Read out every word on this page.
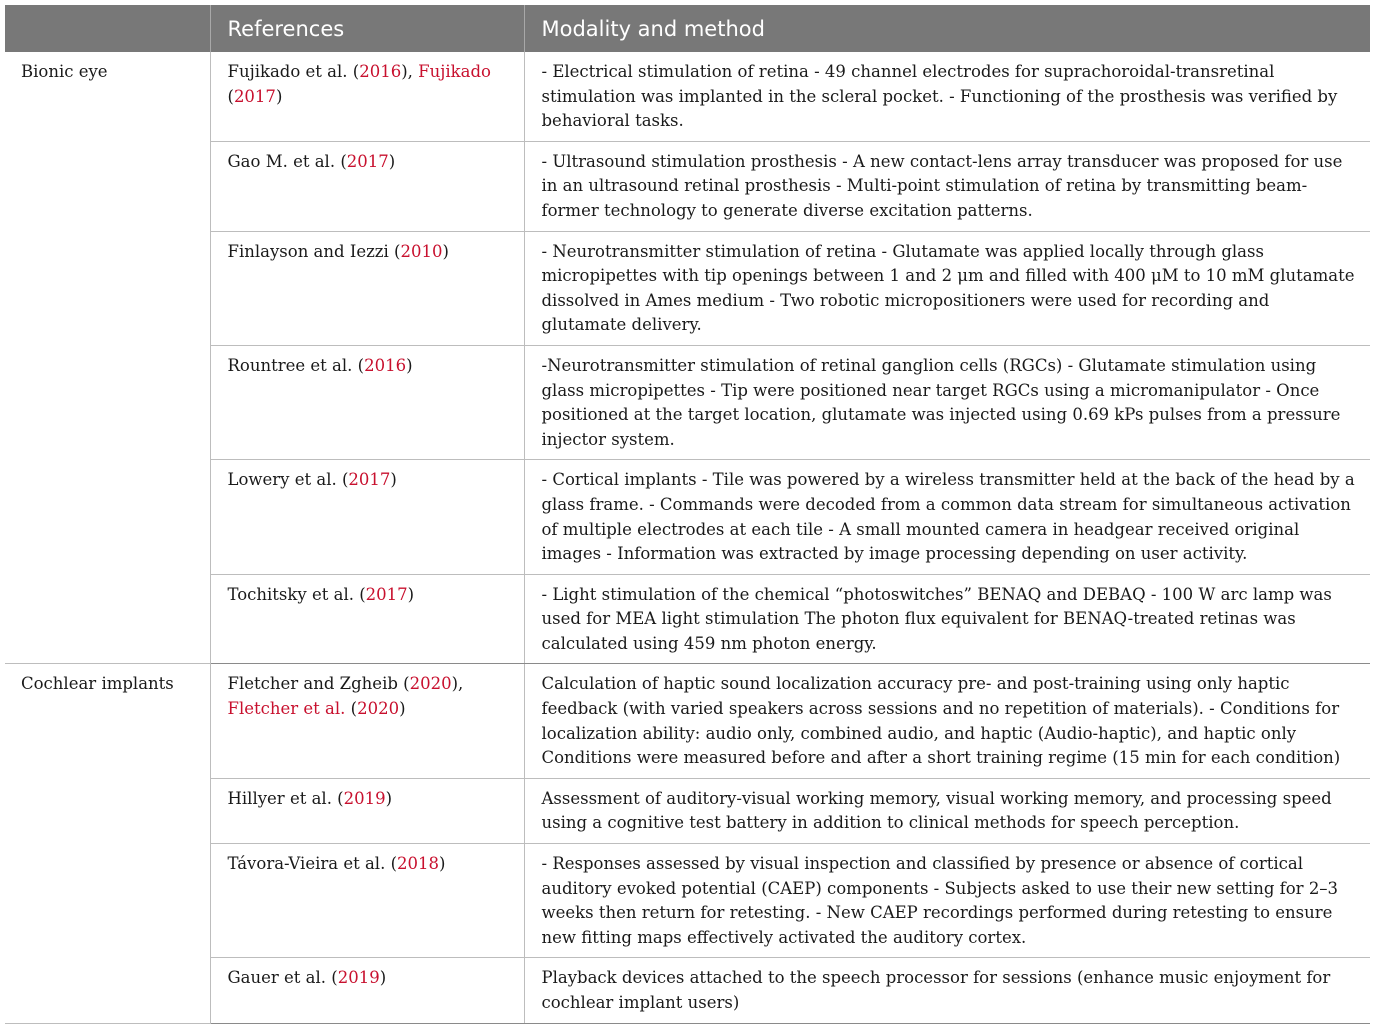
	References	Modality and method
Bionic eye	Fujikado et al. (2016), Fujikado (2017)	- Electrical stimulation of retina - 49 channel electrodes for suprachoroidal-transretinal stimulation was implanted in the scleral pocket. - Functioning of the prosthesis was verified by behavioral tasks.
	Gao M. et al. (2017)	- Ultrasound stimulation prosthesis - A new contact-lens array transducer was proposed for use in an ultrasound retinal prosthesis - Multi-point stimulation of retina by transmitting beam- former technology to generate diverse excitation patterns.
	Finlayson and Iezzi (2010)	- Neurotransmitter stimulation of retina - Glutamate was applied locally through glass micropipettes with tip openings between 1 and 2 μm and filled with 400 μM to 10 mM glutamate dissolved in Ames medium - Two robotic micropositioners were used for recording and glutamate delivery.
	Rountree et al. (2016)	-Neurotransmitter stimulation of retinal ganglion cells (RGCs) - Glutamate stimulation using glass micropipettes - Tip were positioned near target RGCs using a micromanipulator - Once positioned at the target location, glutamate was injected using 0.69 kPs pulses from a pressure injector system.
	Lowery et al. (2017)	- Cortical implants - Tile was powered by a wireless transmitter held at the back of the head by a glass frame. - Commands were decoded from a common data stream for simultaneous activation of multiple electrodes at each tile - A small mounted camera in headgear received original images - Information was extracted by image processing depending on user activity.
	Tochitsky et al. (2017)	- Light stimulation of the chemical “photoswitches” BENAQ and DEBAQ - 100 W arc lamp was used for MEA light stimulation The photon flux equivalent for BENAQ-treated retinas was calculated using 459 nm photon energy.
Cochlear implants	Fletcher and Zgheib (2020), Fletcher et al. (2020)	Calculation of haptic sound localization accuracy pre- and post-training using only haptic feedback (with varied speakers across sessions and no repetition of materials). - Conditions for localization ability: audio only, combined audio, and haptic (Audio-haptic), and haptic only Conditions were measured before and after a short training regime (15 min for each condition)
	Hillyer et al. (2019)	Assessment of auditory-visual working memory, visual working memory, and processing speed using a cognitive test battery in addition to clinical methods for speech perception.
	Távora-Vieira et al. (2018)	- Responses assessed by visual inspection and classified by presence or absence of cortical auditory evoked potential (CAEP) components - Subjects asked to use their new setting for 2–3 weeks then return for retesting. - New CAEP recordings performed during retesting to ensure new fitting maps effectively activated the auditory cortex.
	Gauer et al. (2019)	Playback devices attached to the speech processor for sessions (enhance music enjoyment for cochlear implant users)
